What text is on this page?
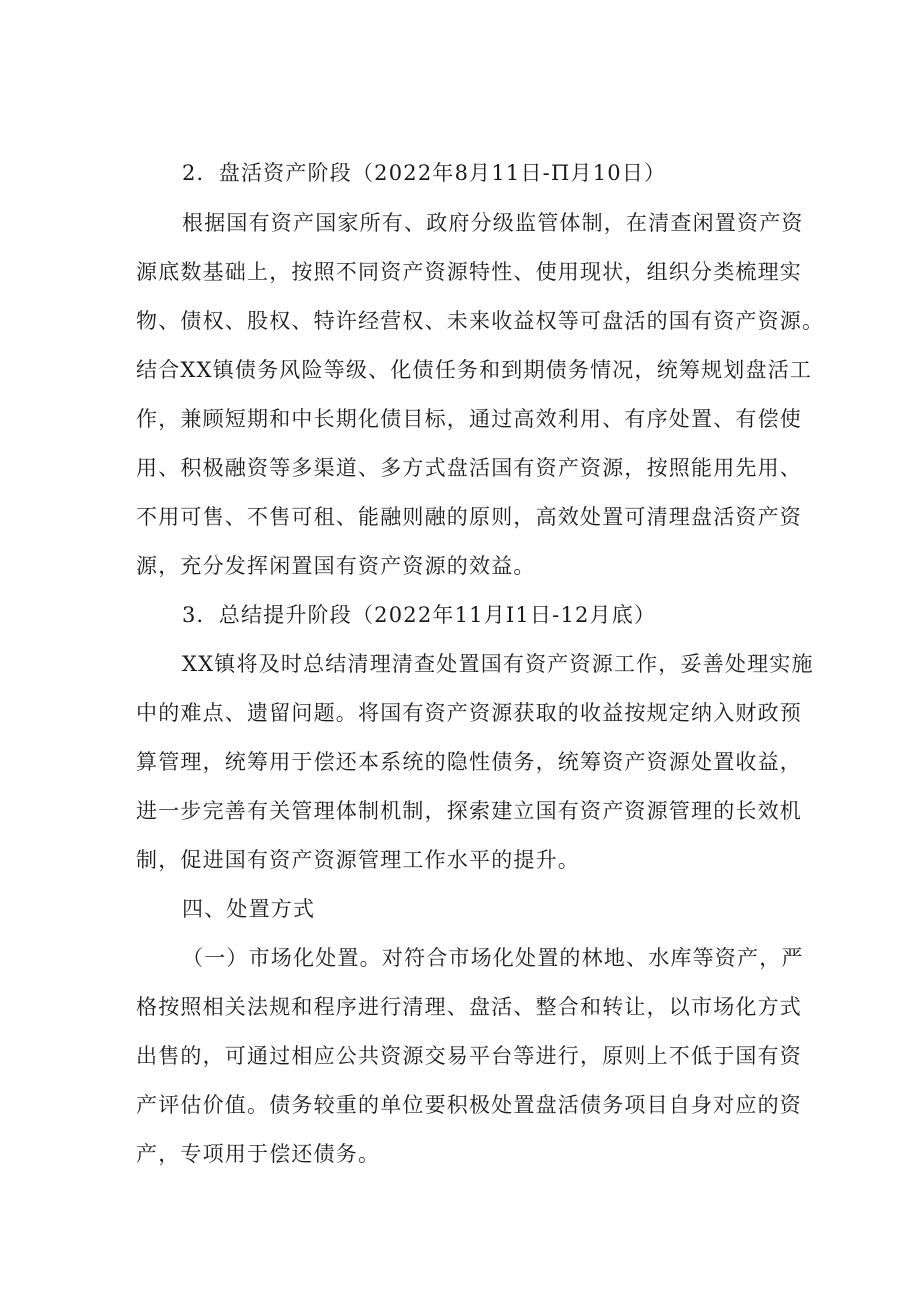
2．盘活资产阶段（2022年8月11日-Π月10日）
根据国有资产国家所有、政府分级监管体制，在清查闲置资产资
源底数基础上，按照不同资产资源特性、使用现状，组织分类梳理实
物、债权、股权、特许经营权、未来收益权等可盘活的国有资产资源。
结合XX镇债务风险等级、化债任务和到期债务情况，统筹规划盘活工
作，兼顾短期和中长期化债目标，通过高效利用、有序处置、有偿使
用、积极融资等多渠道、多方式盘活国有资产资源，按照能用先用、
不用可售、不售可租、能融则融的原则，高效处置可清理盘活资产资
源，充分发挥闲置国有资产资源的效益。
3．总结提升阶段（2022年11月I1日-12月底）
XX镇将及时总结清理清查处置国有资产资源工作，妥善处理实施
中的难点、遗留问题。将国有资产资源获取的收益按规定纳入财政预
算管理，统筹用于偿还本系统的隐性债务，统筹资产资源处置收益，
进一步完善有关管理体制机制，探索建立国有资产资源管理的长效机
制，促进国有资产资源管理工作水平的提升。
四、处置方式
（一）市场化处置。对符合市场化处置的林地、水库等资产，严
格按照相关法规和程序进行清理、盘活、整合和转让，以市场化方式
出售的，可通过相应公共资源交易平台等进行，原则上不低于国有资
产评估价值。债务较重的单位要积极处置盘活债务项目自身对应的资
产，专项用于偿还债务。
